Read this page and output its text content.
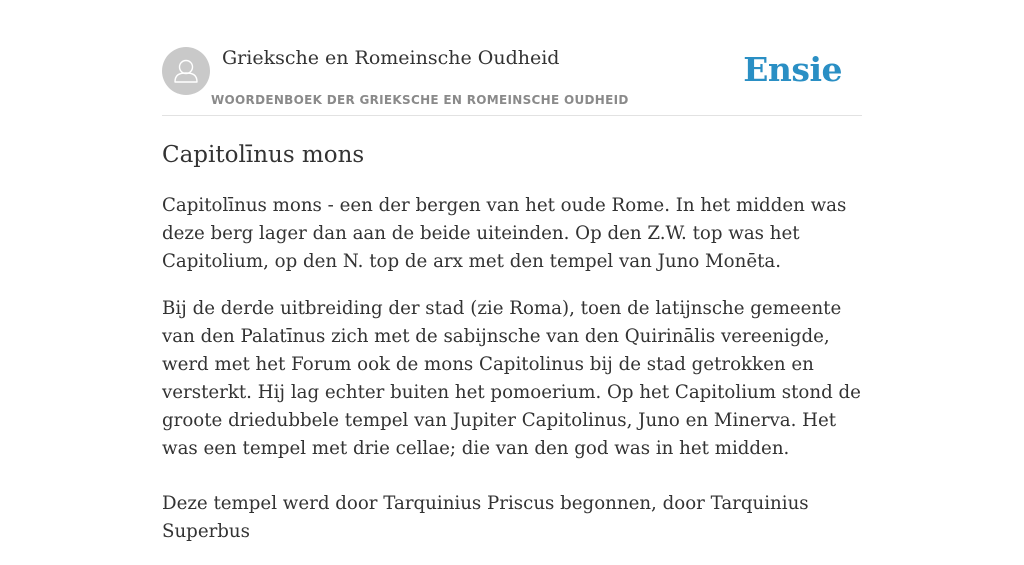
Grieksche en Romeinsche Oudheid
WOORDENBOEK DER GRIEKSCHE EN ROMEINSCHE OUDHEID
Ensie
Capitolīnus mons

Capitolīnus mons - een der bergen van het oude Rome. In het midden was deze berg lager dan aan de beide uiteinden. Op den Z.W. top was het Capitolium, op den N. top de arx met den tempel van Juno Monēta.

Bij de derde uitbreiding der stad (zie Roma), toen de latijnsche gemeente van den Palatīnus zich met de sabijnsche van den Quirinālis vereenigde, werd met het Forum ook de mons Capitolinus bij de stad getrokken en versterkt. Hij lag echter buiten het pomoerium. Op het Capitolium stond de groote driedubbele tempel van Jupiter Capitolinus, Juno en Minerva. Het was een tempel met drie cellae; die van den god was in het midden.

Deze tempel werd door Tarquinius Priscus begonnen, door Tarquinius Superbus
